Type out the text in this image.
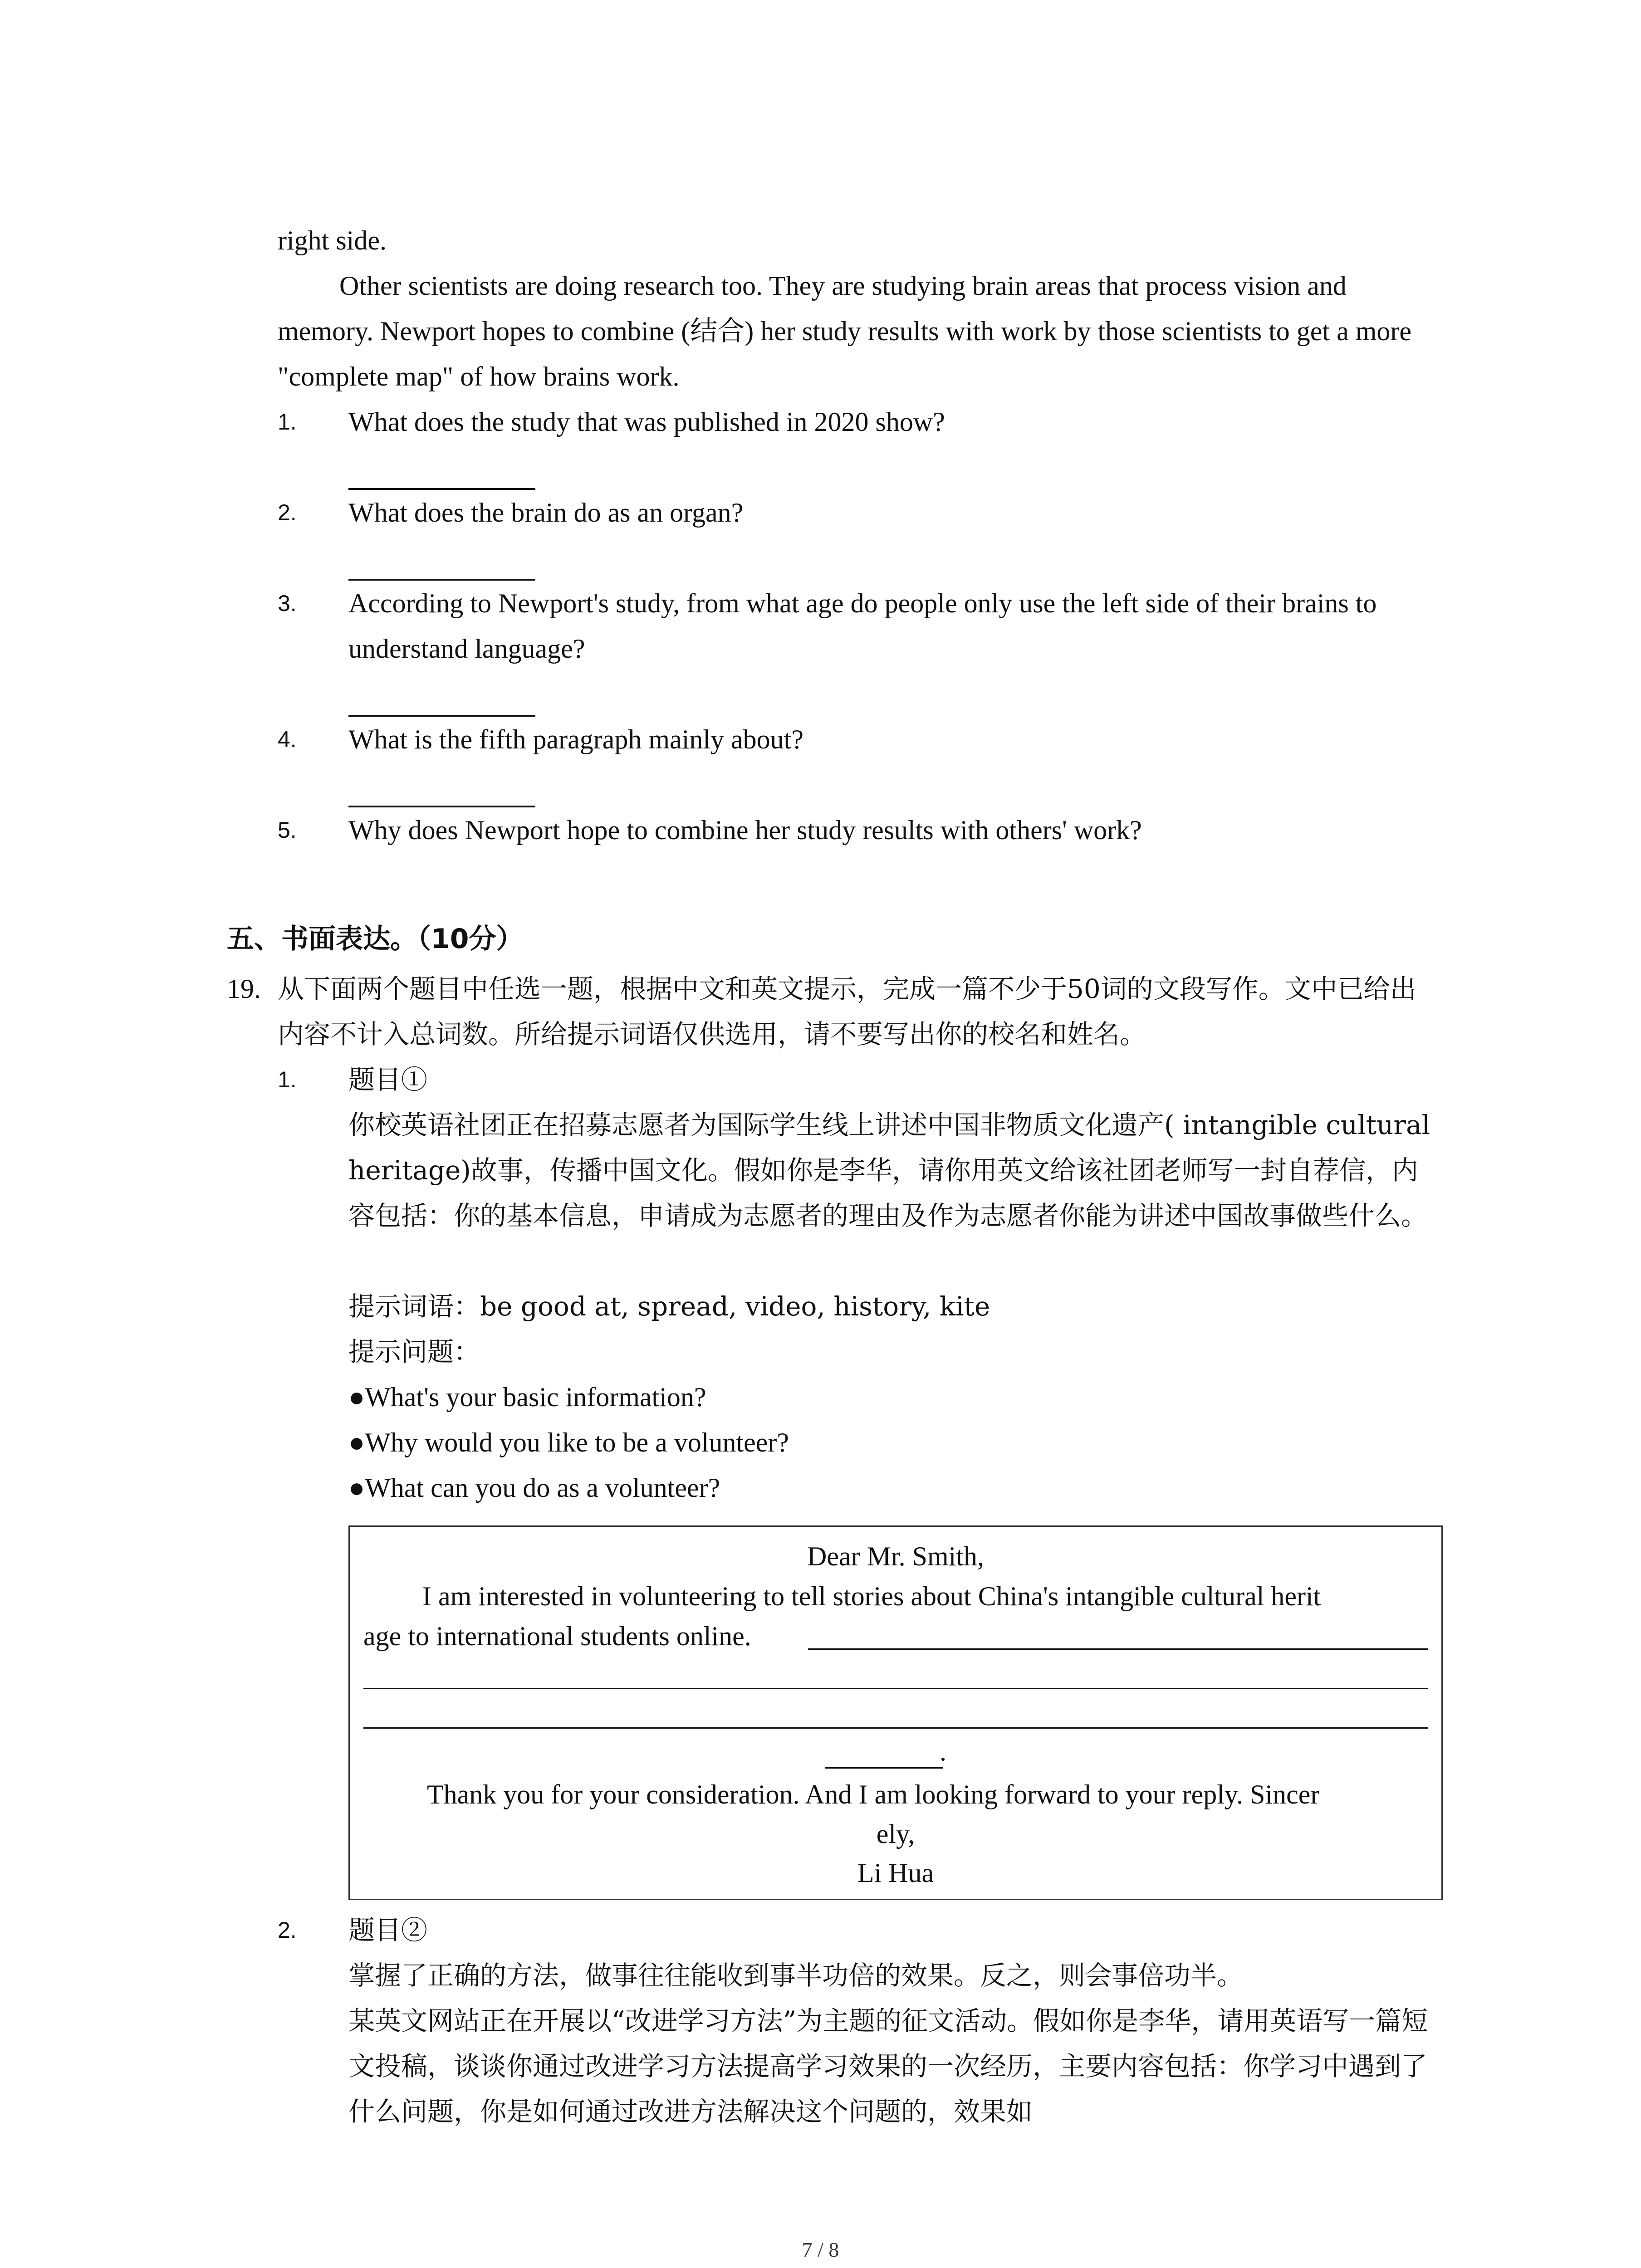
right side.
Other scientists are doing research too. They are studying brain areas that process vision and memory. Newport hopes to combine (结合) her study results with work by those scientists to get a more "complete map" of how brains work.
1. What does the study that was published in 2020 show?
2. What does the brain do as an organ?
3. According to Newport's study, from what age do people only use the left side of their brains to understand language?
4. What is the fifth paragraph mainly about?
5. Why does Newport hope to combine her study results with others' work?
五、书面表达。（10分）
19. 从下面两个题目中任选一题，根据中文和英文提示，完成一篇不少于50词的文段写作。文中已给出内容不计入总词数。所给提示词语仅供选用，请不要写出你的校名和姓名。
1. 题目①
你校英语社团正在招募志愿者为国际学生线上讲述中国非物质文化遗产( intangible cultural heritage)故事，传播中国文化。假如你是李华，请你用英文给该社团老师写一封自荐信，内容包括：你的基本信息，申请成为志愿者的理由及作为志愿者你能为讲述中国故事做些什么。
提示词语：be good at, spread, video, history, kite
提示问题：
●What's your basic information?
●Why would you like to be a volunteer?
●What can you do as a volunteer?
Dear Mr. Smith,
I am interested in volunteering to tell stories about China's intangible cultural herit
age to international students online.
.
Thank you for your consideration. And I am looking forward to your reply. Sincer
ely,
Li Hua
2. 题目②
掌握了正确的方法，做事往往能收到事半功倍的效果。反之，则会事倍功半。
某英文网站正在开展以“改进学习方法”为主题的征文活动。假如你是李华，请用英语写一篇短文投稿，谈谈你通过改进学习方法提高学习效果的一次经历，主要内容包括：你学习中遇到了什么问题，你是如何通过改进方法解决这个问题的，效果如
7 / 8
